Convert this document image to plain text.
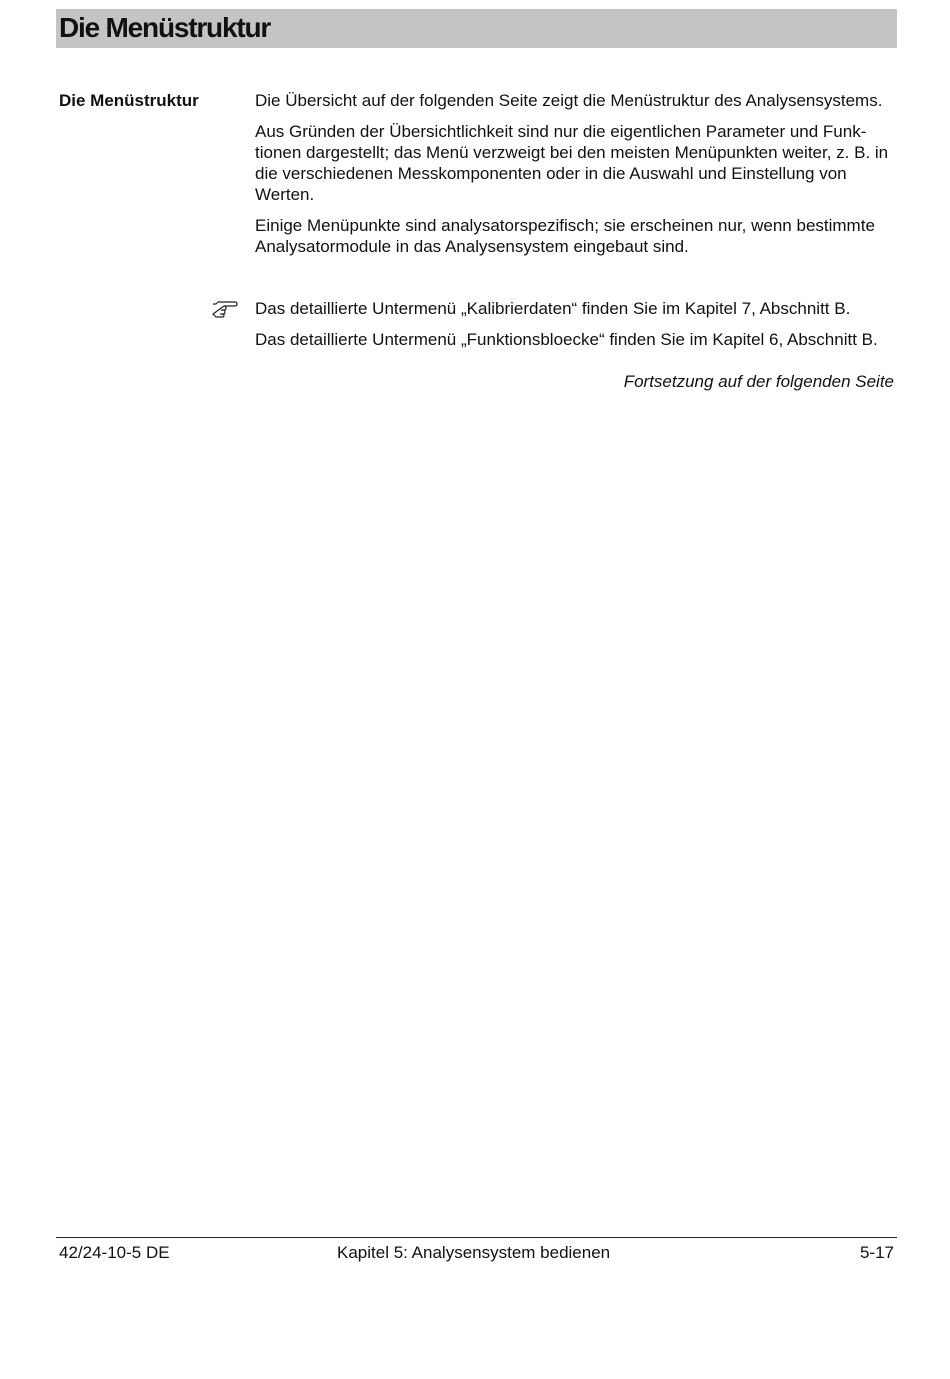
Die Menüstruktur
Die Menüstruktur	Die Übersicht auf der folgenden Seite zeigt die Menüstruktur des Analysensystems.

Aus Gründen der Übersichtlichkeit sind nur die eigentlichen Parameter und Funktionen dargestellt; das Menü verzweigt bei den meisten Menüpunkten weiter, z. B. in die verschiedenen Messkomponenten oder in die Auswahl und Einstellung von Werten.

Einige Menüpunkte sind analysatorspezifisch; sie erscheinen nur, wenn bestimmte Analysatormodule in das Analysensystem eingebaut sind.

Das detaillierte Untermenü „Kalibrierdaten“ finden Sie im Kapitel 7, Abschnitt B.

Das detaillierte Untermenü „Funktionsbloecke“ finden Sie im Kapitel 6, Abschnitt B.

Fortsetzung auf der folgenden Seite
42/24-10-5 DE	Kapitel 5: Analysensystem bedienen	5-17
